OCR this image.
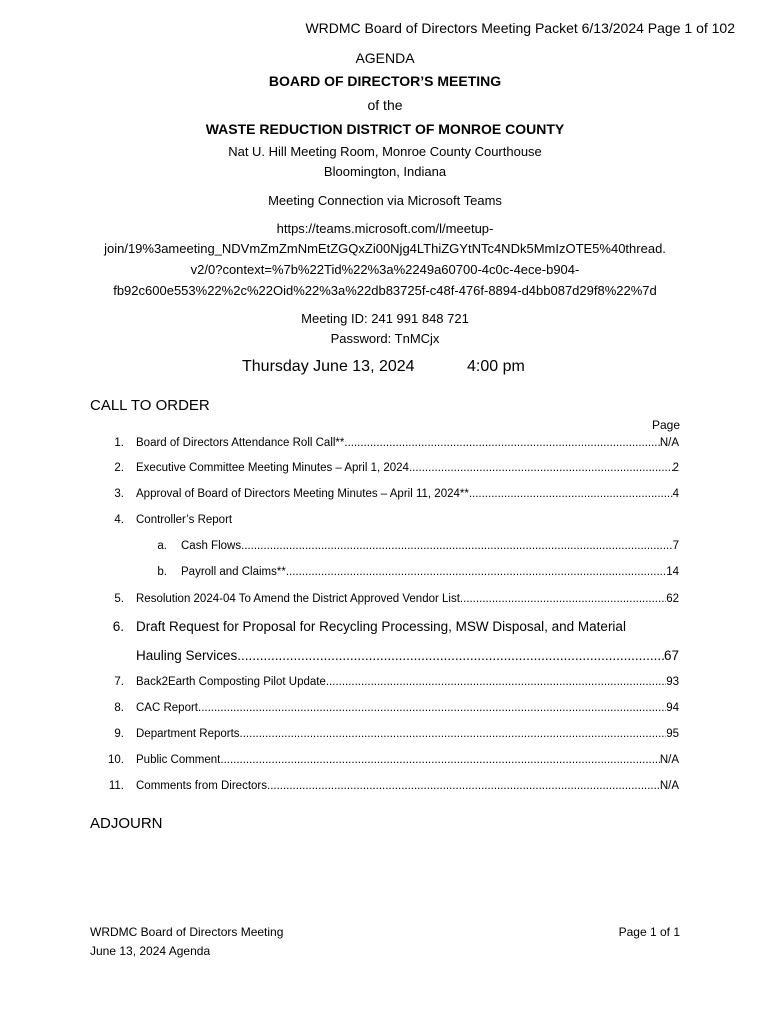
WRDMC Board of Directors Meeting Packet 6/13/2024 Page 1 of 102
AGENDA
BOARD OF DIRECTOR’S MEETING
of the
WASTE REDUCTION DISTRICT OF MONROE COUNTY
Nat U. Hill Meeting Room, Monroe County Courthouse
Bloomington, Indiana
Meeting Connection via Microsoft Teams
https://teams.microsoft.com/l/meetup-
join/19%3ameeting_NDVmZmZmNmEtZGQxZi00Njg4LThiZGYtNTc4NDk5MmIzOTE5%40thread.
v2/0?context=%7b%22Tid%22%3a%2249a60700-4c0c-4ece-b904-
fb92c600e553%22%2c%22Oid%22%3a%22db83725f-c48f-476f-8894-d4bb087d29f8%22%7d
Meeting ID: 241 991 848 721
Password: TnMCjx
Thursday June 13, 2024	4:00 pm
CALL TO ORDER
Page
1. Board of Directors Attendance Roll Call** .....	N/A
2. Executive Committee Meeting Minutes – April 1, 2024 .....	2
3. Approval of Board of Directors Meeting Minutes – April 11, 2024** .....	4
4. Controller’s Report
a. Cash Flows .....	7
b. Payroll and Claims** .....	14
5. Resolution 2024-04 To Amend the District Approved Vendor List .....	62
6. Draft Request for Proposal for Recycling Processing, MSW Disposal, and Material
Hauling Services .....	67
7. Back2Earth Composting Pilot Update .....	93
8. CAC Report .....	94
9. Department Reports .....	95
10. Public Comment .....	N/A
11. Comments from Directors .....	N/A
ADJOURN
WRDMC Board of Directors Meeting
June 13, 2024 Agenda
Page 1 of 1
